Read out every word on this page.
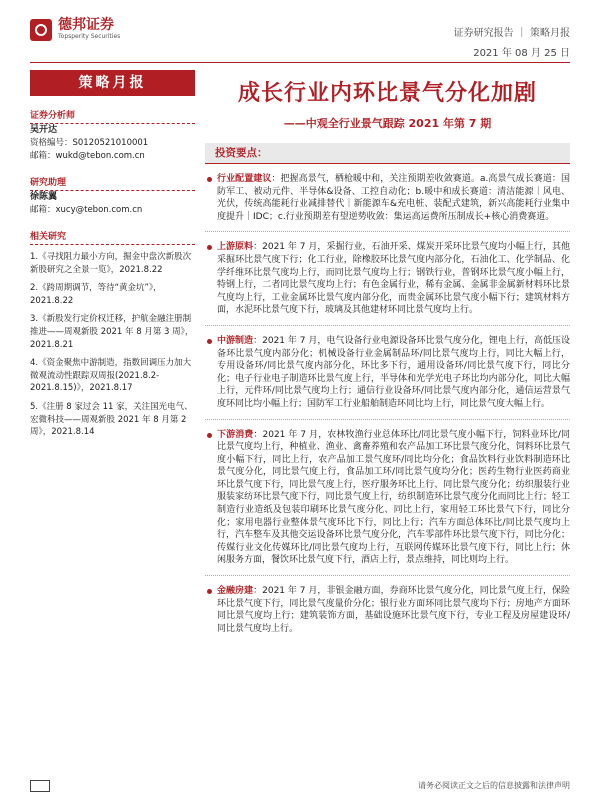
德邦证券
Topsperity Securities	证券研究报告 ｜ 策略月报
2021 年 08 月 25 日
策略月报
证券分析师
吴开达
资格编号：S0120521010001
邮箱：wukd@tebon.com.cn
研究助理
徐陈翼
邮箱：xucy@tebon.com.cn
相关研究
1.《寻找阻力最小方向，掘金中盘次新股次新股研究之全景一览》，2021.8.22
2.《跨周期调节，等待“黄金坑”》，2021.8.22
3.《新股发行定价权迁移，护航金融注册制推进——周观新股 2021 年 8 月第 3 周》，2021.8.21
4.《资金聚焦中游制造，指数回调压力加大微观流动性跟踪双周报(2021.8.2-2021.8.15)》，2021.8.17
5.《注册 8 家过会 11 家，关注国光电气、宏微科技——周观新股 2021 年 8 月第 2 周》，2021.8.14
成长行业内环比景气分化加剧
——中观全行业景气跟踪 2021 年第 7 期
投资要点：
行业配置建议：把握高景气，栖枪暖中和，关注预期差收敛赛道。a.高景气成长赛道：国防军工、被动元件、半导体&设备、工控自动化；b.暖中和成长赛道：清洁能源｜风电、光伏，传统高能耗行业减排替代｜新能源车&充电桩、装配式建筑，新兴高能耗行业集中度提升｜IDC；c.行业预期差有望逆势收敛：集运高运费所压制成长+核心消费赛道。
上游原料：2021 年 7 月，采掘行业，石油开采、煤炭开采环比景气度均小幅上行，其他采掘环比景气度下行；化工行业，除橡胶环比景气度内部分化，石油化工、化学制品、化学纤维环比景气度均上行，而同比景气度均上行；钢铁行业，普钢环比景气度小幅上行，特钢上行，二者同比景气度均上行；有色金属行业，稀有金属、金属非金属新材料环比景气度均上行，工业金属环比景气度内部分化，而贵金属环比景气度小幅下行；建筑材料方面，水泥环比景气度下行，玻璃及其他建材环同比景气度均上行。
中游制造：2021 年 7 月，电气设备行业电源设备环比景气度分化，锂电上行，高低压设备环比景气度内部分化；机械设备行业金属制品环/同比景气度均上行，同比大幅上行，专用设备环/同比景气度内部分化，环比多下行，通用设备环/同比景气度下行，同比分化；电子行业电子制造环比景气度上行，半导体和光学光电子环比均内部分化，同比大幅上行，元件环/同比景气度均上行；通信行业设备环/同比景气度内部分化，通信运营景气度环同比均小幅上行；国防军工行业船舶制造环同比均上行，同比景气度大幅上行。
下游消费：2021 年 7 月，农林牧渔行业总体环比/同比景气度小幅下行，饲料业环比/同比景气度均上行，种植业、渔业、禽畜养殖和农产品加工环比景气度分化，饲料环比景气度小幅下行，同比上行，农产品加工景气度环/同比均分化；食品饮料行业饮料制造环比景气度分化，同比景气度上行，食品加工环/同比景气度均分化；医药生物行业医药商业环比景气度下行，同比景气度上行，医疗服务环比上行、同比景气度分化；纺织服装行业服装家纺环比景气度下行，同比景气度上行，纺织制造环比景气度分化而同比上行；轻工制造行业造纸及包装印刷环比景气度分化、同比上行，家用轻工环比景气下行，同比分化；家用电器行业整体景气度环比下行，同比上行；汽车方面总体环比/同比景气度均上行，汽车整车及其他交运设备环比景气度分化，汽车零部件环比景气度下行，同比分化；传媒行业文化传媒环比/同比景气度均上行，互联网传媒环比景气度下行，同比上行；休闲服务方面，餐饮环比景气度下行，酒店上行，景点维持，同比则均上行。
金融房建：2021 年 7 月，非银金融方面，券商环比景气度分化，同比景气度上行，保险环比景气度下行，同比景气度量价分化；银行业方面环同比景气度均下行；房地产方面环同比景气度均上行；建筑装饰方面，基础设施环比景气度下行，专业工程及房屋建设环/同比景气度均上行。
请务必阅读正文之后的信息披露和法律声明
